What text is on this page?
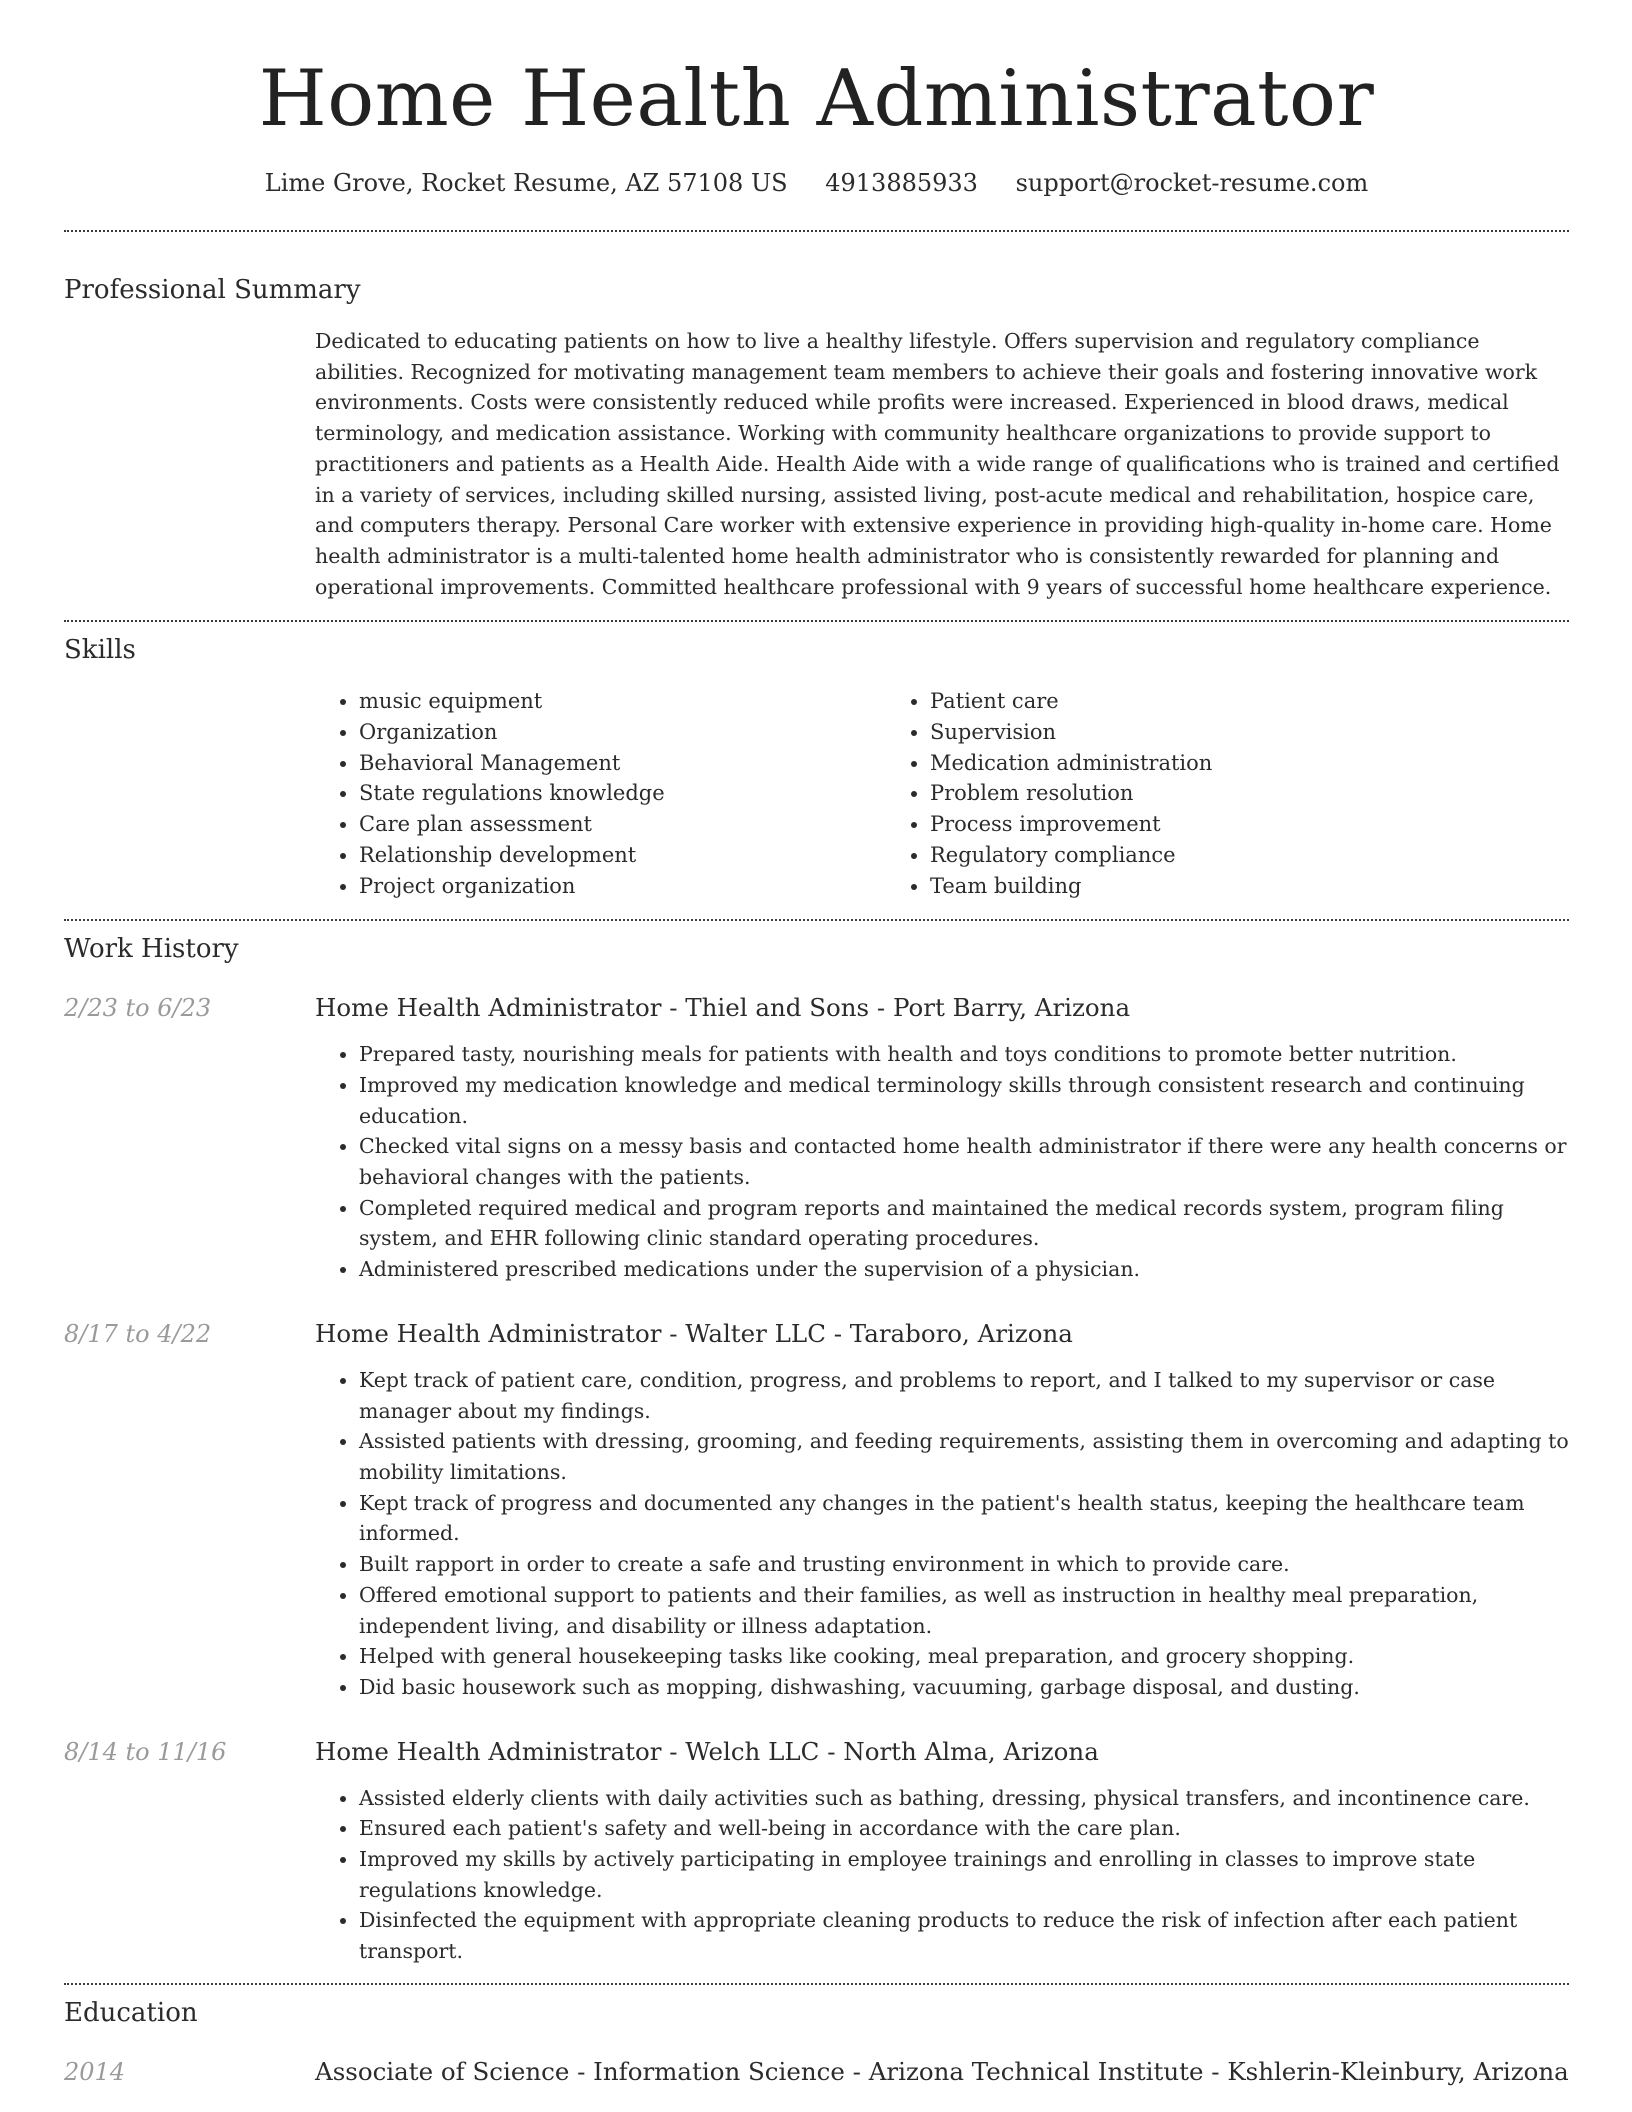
Home Health Administrator
Lime Grove, Rocket Resume, AZ 57108 US 4913885933 support@rocket-resume.com
Professional Summary
Dedicated to educating patients on how to live a healthy lifestyle. Offers supervision and regulatory compliance abilities. Recognized for motivating management team members to achieve their goals and fostering innovative work environments. Costs were consistently reduced while profits were increased. Experienced in blood draws, medical terminology, and medication assistance. Working with community healthcare organizations to provide support to practitioners and patients as a Health Aide. Health Aide with a wide range of qualifications who is trained and certified in a variety of services, including skilled nursing, assisted living, post-acute medical and rehabilitation, hospice care, and computers therapy. Personal Care worker with extensive experience in providing high-quality in-home care. Home health administrator is a multi-talented home health administrator who is consistently rewarded for planning and operational improvements. Committed healthcare professional with 9 years of successful home healthcare experience.
Skills
• music equipment
• Organization
• Behavioral Management
• State regulations knowledge
• Care plan assessment
• Relationship development
• Project organization
• Patient care
• Supervision
• Medication administration
• Problem resolution
• Process improvement
• Regulatory compliance
• Team building
Work History
2/23 to 6/23	Home Health Administrator - Thiel and Sons - Port Barry, Arizona
• Prepared tasty, nourishing meals for patients with health and toys conditions to promote better nutrition.
• Improved my medication knowledge and medical terminology skills through consistent research and continuing education.
• Checked vital signs on a messy basis and contacted home health administrator if there were any health concerns or behavioral changes with the patients.
• Completed required medical and program reports and maintained the medical records system, program filing system, and EHR following clinic standard operating procedures.
• Administered prescribed medications under the supervision of a physician.
8/17 to 4/22	Home Health Administrator - Walter LLC - Taraboro, Arizona
• Kept track of patient care, condition, progress, and problems to report, and I talked to my supervisor or case manager about my findings.
• Assisted patients with dressing, grooming, and feeding requirements, assisting them in overcoming and adapting to mobility limitations.
• Kept track of progress and documented any changes in the patient's health status, keeping the healthcare team informed.
• Built rapport in order to create a safe and trusting environment in which to provide care.
• Offered emotional support to patients and their families, as well as instruction in healthy meal preparation, independent living, and disability or illness adaptation.
• Helped with general housekeeping tasks like cooking, meal preparation, and grocery shopping.
• Did basic housework such as mopping, dishwashing, vacuuming, garbage disposal, and dusting.
8/14 to 11/16	Home Health Administrator - Welch LLC - North Alma, Arizona
• Assisted elderly clients with daily activities such as bathing, dressing, physical transfers, and incontinence care.
• Ensured each patient's safety and well-being in accordance with the care plan.
• Improved my skills by actively participating in employee trainings and enrolling in classes to improve state regulations knowledge.
• Disinfected the equipment with appropriate cleaning products to reduce the risk of infection after each patient transport.
Education
2014	Associate of Science - Information Science - Arizona Technical Institute - Kshlerin-Kleinbury, Arizona
